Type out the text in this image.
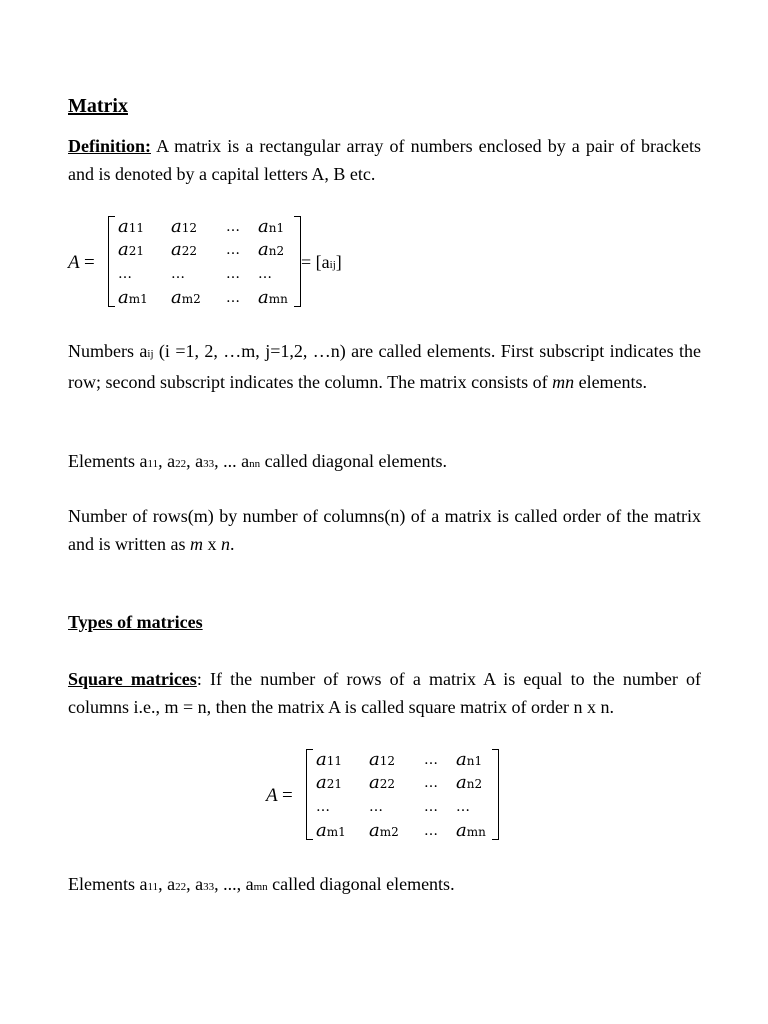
Matrix

Definition: A matrix is a rectangular array of numbers enclosed by a pair of brackets and is denoted by a capital letters A, B etc.

A =
a11 a12 … an1
a21 a22 … an2
…	…	… …
am1 am2 … amn
= [aij]

Numbers aij (i =1, 2, …m, j=1,2, …n) are called elements. First subscript indicates the row; second subscript indicates the column. The matrix consists of mn elements.

Elements a11, a22, a33, ... ann called diagonal elements.

Number of rows(m) by number of columns(n) of a matrix is called order of the matrix and is written as m x n.

Types of matrices

Square matrices: If the number of rows of a matrix A is equal to the number of columns i.e., m = n, then the matrix A is called square matrix of order n x n.

A =
a11 a12 … an1
a21 a22 … an2
…	…	… …
am1 am2 … amn

Elements a11, a22, a33, ..., amn called diagonal elements.
